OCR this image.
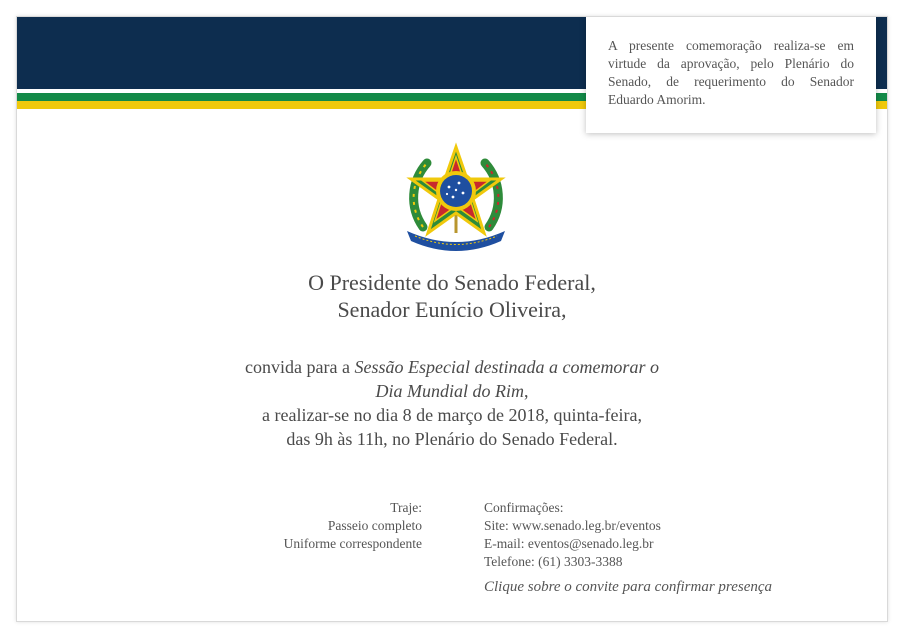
A presente comemoração realiza-se em virtude da aprovação, pelo Plenário do Senado, de requerimento do Senador Eduardo Amorim.
O Presidente do Senado Federal,
Senador Eunício Oliveira,
convida para a Sessão Especial destinada a comemorar o
Dia Mundial do Rim,
a realizar-se no dia 8 de março de 2018, quinta-feira,
das 9h às 11h, no Plenário do Senado Federal.
Traje:
Passeio completo
Uniforme correspondente
Confirmações:
Site: www.senado.leg.br/eventos
E-mail: eventos@senado.leg.br
Telefone: (61) 3303-3388
Clique sobre o convite para confirmar presença
